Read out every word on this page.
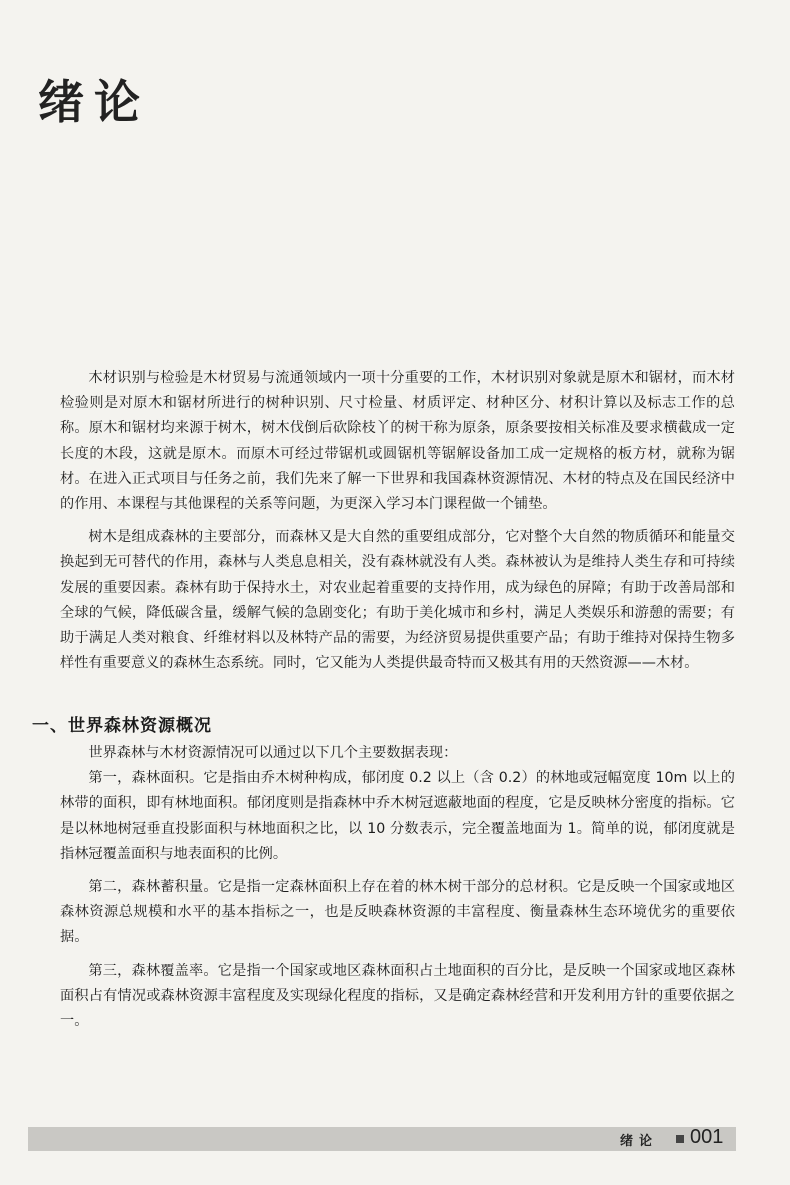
绪论

木材识别与检验是木材贸易与流通领域内一项十分重要的工作，木材识别对象就是原木和锯材，而木材检验则是对原木和锯材所进行的树种识别、尺寸检量、材质评定、材种区分、材积计算以及标志工作的总称。原木和锯材均来源于树木，树木伐倒后砍除枝丫的树干称为原条，原条要按相关标准及要求横截成一定长度的木段，这就是原木。而原木可经过带锯机或圆锯机等锯解设备加工成一定规格的板方材，就称为锯材。在进入正式项目与任务之前，我们先来了解一下世界和我国森林资源情况、木材的特点及在国民经济中的作用、本课程与其他课程的关系等问题，为更深入学习本门课程做一个铺垫。

树木是组成森林的主要部分，而森林又是大自然的重要组成部分，它对整个大自然的物质循环和能量交换起到无可替代的作用，森林与人类息息相关，没有森林就没有人类。森林被认为是维持人类生存和可持续发展的重要因素。森林有助于保持水土，对农业起着重要的支持作用，成为绿色的屏障；有助于改善局部和全球的气候，降低碳含量，缓解气候的急剧变化；有助于美化城市和乡村，满足人类娱乐和游憩的需要；有助于满足人类对粮食、纤维材料以及林特产品的需要，为经济贸易提供重要产品；有助于维持对保持生物多样性有重要意义的森林生态系统。同时，它又能为人类提供最奇特而又极其有用的天然资源——木材。

一、世界森林资源概况

世界森林与木材资源情况可以通过以下几个主要数据表现：

第一，森林面积。它是指由乔木树种构成，郁闭度 0.2 以上（含 0.2）的林地或冠幅宽度 10m 以上的林带的面积，即有林地面积。郁闭度则是指森林中乔木树冠遮蔽地面的程度，它是反映林分密度的指标。它是以林地树冠垂直投影面积与林地面积之比，以 10 分数表示，完全覆盖地面为 1。简单的说，郁闭度就是指林冠覆盖面积与地表面积的比例。

第二，森林蓄积量。它是指一定森林面积上存在着的林木树干部分的总材积。它是反映一个国家或地区森林资源总规模和水平的基本指标之一，也是反映森林资源的丰富程度、衡量森林生态环境优劣的重要依据。

第三，森林覆盖率。它是指一个国家或地区森林面积占土地面积的百分比，是反映一个国家或地区森林面积占有情况或森林资源丰富程度及实现绿化程度的指标，又是确定森林经营和开发利用方针的重要依据之一。

绪论 001
